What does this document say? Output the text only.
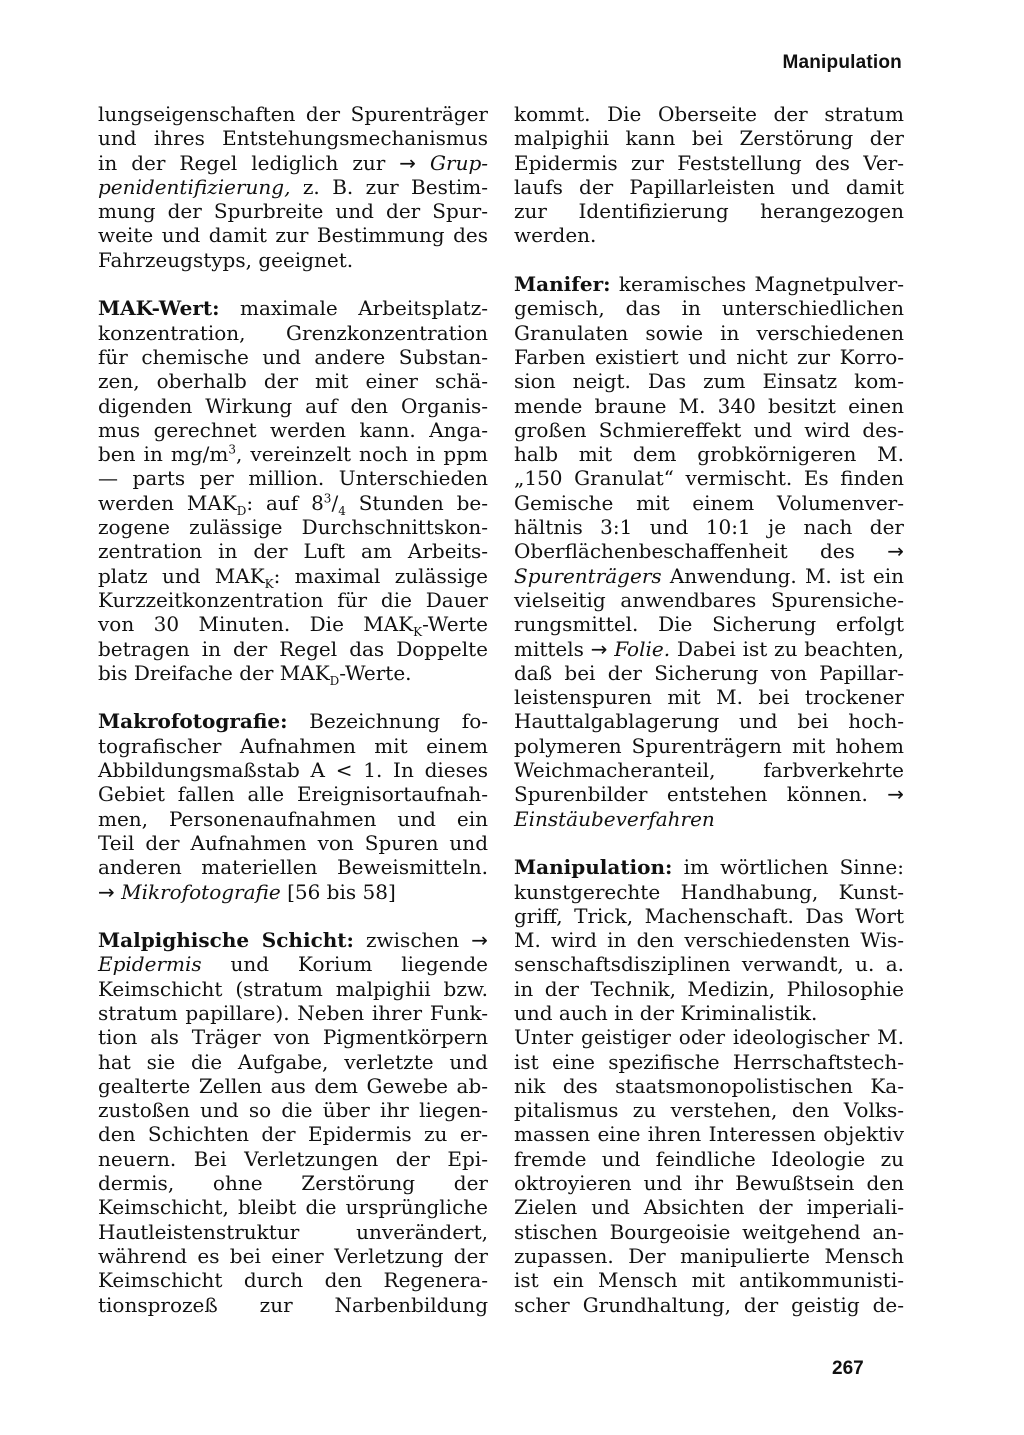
Manipulation
lungseigenschaften der Spurenträger
und ihres Entstehungsmechanismus
in der Regel lediglich zur → Grup-
penidentifizierung, z. B. zur Bestim-
mung der Spurbreite und der Spur-
weite und damit zur Bestimmung des
Fahrzeugstyps, geeignet.
MAK-Wert: maximale Arbeitsplatz-
konzentration, Grenzkonzentration
für chemische und andere Substan-
zen, oberhalb der mit einer schä-
digenden Wirkung auf den Organis-
mus gerechnet werden kann. Anga-
ben in $mg/m^3$, vereinzelt noch in ppm
— parts per million. Unterschieden
werden $MAK_D$: auf $8^3/_4$ Stunden be-
zogene zulässige Durchschnittskon-
zentration in der Luft am Arbeits-
platz und $MAK_K$: maximal zulässige
Kurzzeitkonzentration für die Dauer
von 30 Minuten. Die $MAK_K$-Werte
betragen in der Regel das Doppelte
bis Dreifache der $MAK_D$-Werte.
Makrofotografie: Bezeichnung fo-
tografischer Aufnahmen mit einem
Abbildungsmaßstab A < 1. In dieses
Gebiet fallen alle Ereignisortaufnah-
men, Personenaufnahmen und ein
Teil der Aufnahmen von Spuren und
anderen materiellen Beweismitteln.
→ Mikrofotografie [56 bis 58]
Malpighische Schicht: zwischen →
Epidermis und Korium liegende
Keimschicht (stratum malpighii bzw.
stratum papillare). Neben ihrer Funk-
tion als Träger von Pigmentkörpern
hat sie die Aufgabe, verletzte und
gealterte Zellen aus dem Gewebe ab-
zustoßen und so die über ihr liegen-
den Schichten der Epidermis zu er-
neuern. Bei Verletzungen der Epi-
dermis, ohne Zerstörung der
Keimschicht, bleibt die ursprüngliche
Hautleistenstruktur unverändert,
während es bei einer Verletzung der
Keimschicht durch den Regenera-
tionsprozeß zur Narbenbildung
kommt. Die Oberseite der stratum
malpighii kann bei Zerstörung der
Epidermis zur Feststellung des Ver-
laufs der Papillarleisten und damit
zur Identifizierung herangezogen
werden.
Manifer: keramisches Magnetpulver-
gemisch, das in unterschiedlichen
Granulaten sowie in verschiedenen
Farben existiert und nicht zur Korro-
sion neigt. Das zum Einsatz kom-
mende braune M. 340 besitzt einen
großen Schmiereffekt und wird des-
halb mit dem grobkörnigeren M.
„150 Granulat“ vermischt. Es finden
Gemische mit einem Volumenver-
hältnis 3:1 und 10:1 je nach der
Oberflächenbeschaffenheit des →
Spurenträgers Anwendung. M. ist ein
vielseitig anwendbares Spurensiche-
rungsmittel. Die Sicherung erfolgt
mittels → Folie. Dabei ist zu beachten,
daß bei der Sicherung von Papillar-
leistenspuren mit M. bei trockener
Hauttalgablagerung und bei hoch-
polymeren Spurenträgern mit hohem
Weichmacheranteil, farbverkehrte
Spurenbilder entstehen können. →
Einstäubeverfahren
Manipulation: im wörtlichen Sinne:
kunstgerechte Handhabung, Kunst-
griff, Trick, Machenschaft. Das Wort
M. wird in den verschiedensten Wis-
senschaftsdisziplinen verwandt, u. a.
in der Technik, Medizin, Philosophie
und auch in der Kriminalistik.
Unter geistiger oder ideologischer M.
ist eine spezifische Herrschaftstech-
nik des staatsmonopolistischen Ka-
pitalismus zu verstehen, den Volks-
massen eine ihren Interessen objektiv
fremde und feindliche Ideologie zu
oktroyieren und ihr Bewußtsein den
Zielen und Absichten der imperiali-
stischen Bourgeoisie weitgehend an-
zupassen. Der manipulierte Mensch
ist ein Mensch mit antikommunisti-
scher Grundhaltung, der geistig de-
267
